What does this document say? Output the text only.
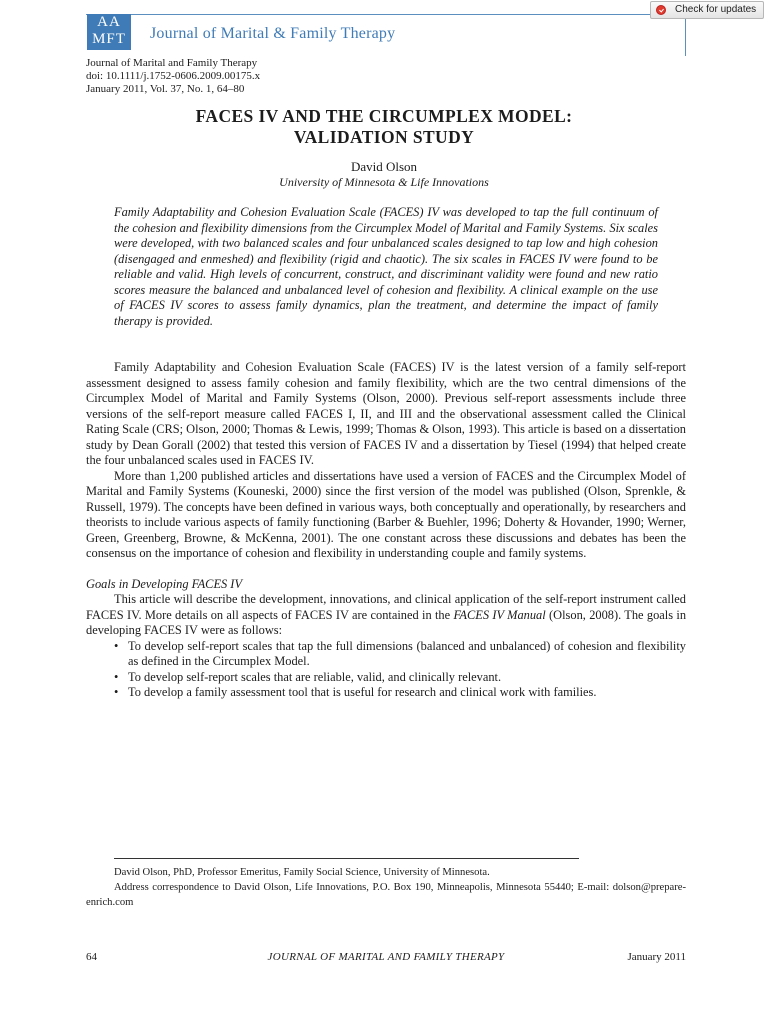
AA
MFT	Journal of Marital & Family Therapy
Check for updates
Journal of Marital and Family Therapy
doi: 10.1111/j.1752-0606.2009.00175.x
January 2011, Vol. 37, No. 1, 64–80
FACES IV AND THE CIRCUMPLEX MODEL:
VALIDATION STUDY
David Olson
University of Minnesota & Life Innovations

Family Adaptability and Cohesion Evaluation Scale (FACES) IV was developed to tap the full continuum of the cohesion and flexibility dimensions from the Circumplex Model of Marital and Family Systems. Six scales were developed, with two balanced scales and four unbalanced scales designed to tap low and high cohesion (disengaged and enmeshed) and flexibility (rigid and chaotic). The six scales in FACES IV were found to be reliable and valid. High levels of concurrent, construct, and discriminant validity were found and new ratio scores measure the balanced and unbalanced level of cohesion and flexibility. A clinical example on the use of FACES IV scores to assess family dynamics, plan the treatment, and determine the impact of family therapy is provided.

Family Adaptability and Cohesion Evaluation Scale (FACES) IV is the latest version of a family self-report assessment designed to assess family cohesion and family flexibility, which are the two central dimensions of the Circumplex Model of Marital and Family Systems (Olson, 2000). Previous self-report assessments include three versions of the self-report measure called FACES I, II, and III and the observational assessment called the Clinical Rating Scale (CRS; Olson, 2000; Thomas & Lewis, 1999; Thomas & Olson, 1993). This article is based on a dissertation study by Dean Gorall (2002) that tested this version of FACES IV and a dissertation by Tiesel (1994) that helped create the four unbalanced scales used in FACES IV.

More than 1,200 published articles and dissertations have used a version of FACES and the Circumplex Model of Marital and Family Systems (Kouneski, 2000) since the first version of the model was published (Olson, Sprenkle, & Russell, 1979). The concepts have been defined in various ways, both conceptually and operationally, by researchers and theorists to include various aspects of family functioning (Barber & Buehler, 1996; Doherty & Hovander, 1990; Werner, Green, Greenberg, Browne, & McKenna, 2001). The one constant across these discussions and debates has been the consensus on the importance of cohesion and flexibility in understanding couple and family systems.

Goals in Developing FACES IV

This article will describe the development, innovations, and clinical application of the self-report instrument called FACES IV. More details on all aspects of FACES IV are contained in the FACES IV Manual (Olson, 2008). The goals in developing FACES IV were as follows:

• To develop self-report scales that tap the full dimensions (balanced and unbalanced) of cohesion and flexibility as defined in the Circumplex Model.
• To develop self-report scales that are reliable, valid, and clinically relevant.
• To develop a family assessment tool that is useful for research and clinical work with families.

David Olson, PhD, Professor Emeritus, Family Social Science, University of Minnesota.

Address correspondence to David Olson, Life Innovations, P.O. Box 190, Minneapolis, Minnesota 55440; E-mail: dolson@prepare-enrich.com

64	JOURNAL OF MARITAL AND FAMILY THERAPY	January 2011
